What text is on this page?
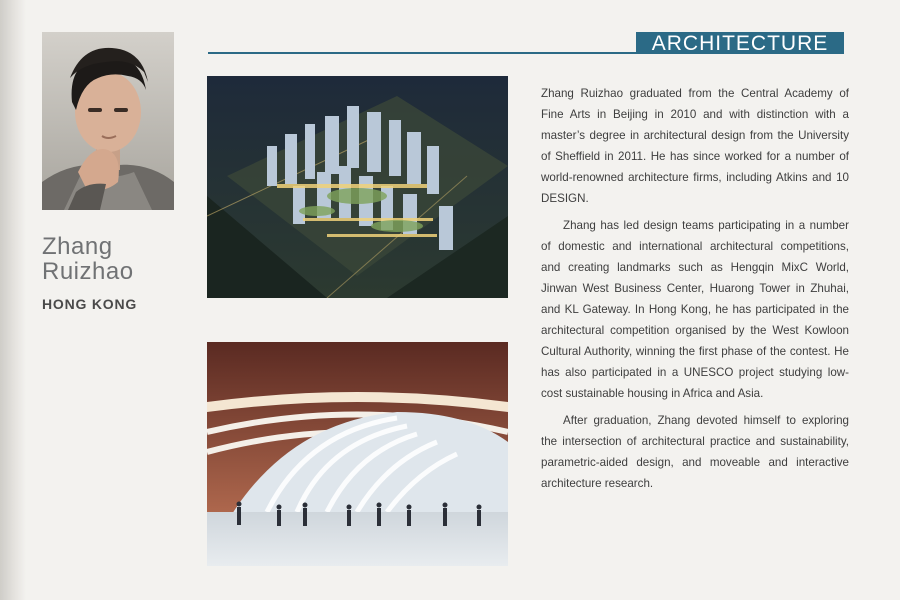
ARCHITECTURE
Zhang
Ruizhao
HONG KONG

Zhang Ruizhao graduated from the Central Academy of Fine Arts in Beijing in 2010 and with distinction with a master’s degree in architectural design from the University of Sheffield in 2011. He has since worked for a number of world-renowned architecture firms, including Atkins and 10 DESIGN.

Zhang has led design teams participating in a number of domestic and international architectural competitions, and creating landmarks such as Hengqin MixC World, Jinwan West Business Center, Huarong Tower in Zhuhai, and KL Gateway. In Hong Kong, he has participated in the architectural competition organised by the West Kowloon Cultural Authority, winning the first phase of the contest. He has also participated in a UNESCO project studying low-cost sustainable housing in Africa and Asia.

After graduation, Zhang devoted himself to exploring the intersection of architectural practice and sustainability, parametric-aided design, and moveable and interactive architecture research.
